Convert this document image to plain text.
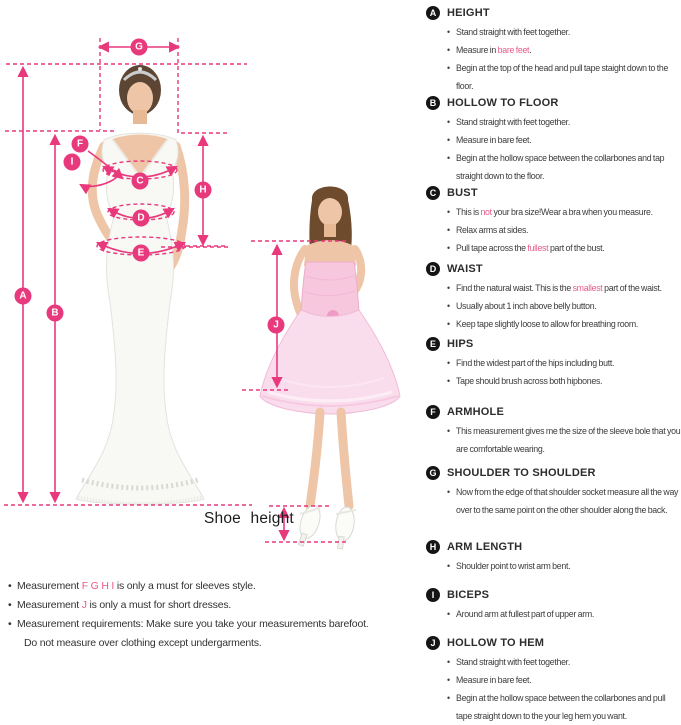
A
B
C
D
E
F
G
H
I
J
Shoe height
A HEIGHT
• Stand straight with feet together.
• Measure in bare feet.
• Begin at the top of the head and pull tape staight down to the floor.
B HOLLOW TO FLOOR
• Stand straight with feet together.
• Measure in bare feet.
• Begin at the hollow space between the collarbones and tap straight down to the floor.
C BUST
• This is not your bra size!Wear a bra when you measure.
• Relax arms at sides.
• Pull tape across the fullest part of the bust.
D WAIST
• Find the natural waist. This is the smallest part of the waist.
• Usually about 1 inch above belly button.
• Keep tape slightly loose to allow for breathing room.
E	HIPS
• Find the widest part of the hips including butt.
• Tape should brush across both hipbones.
F	ARMHOLE
• This measurement gives me the size of the sleeve bole that you are comfortable wearing.
G SHOULDER TO SHOULDER
• Now from the edge of that shoulder socket measure all the way over to the same point on the other shoulder along the back.
H ARM LENGTH
• Shoulder point to wrist arm bent.
I	BICEPS
• Around arm at fullest part of upper arm.
J	HOLLOW TO HEM
• Stand straight with feet together.
• Measure in bare feet.
• Begin at the hollow space between the collarbones and pull tape straight down to the your leg hem you want.
• Measurement F G H I is only a must for sleeves style.
• Measurement J is only a must for short dresses.
• Measurement requirements: Make sure you take your measurements barefoot.
Do not measure over clothing except undergarments.
